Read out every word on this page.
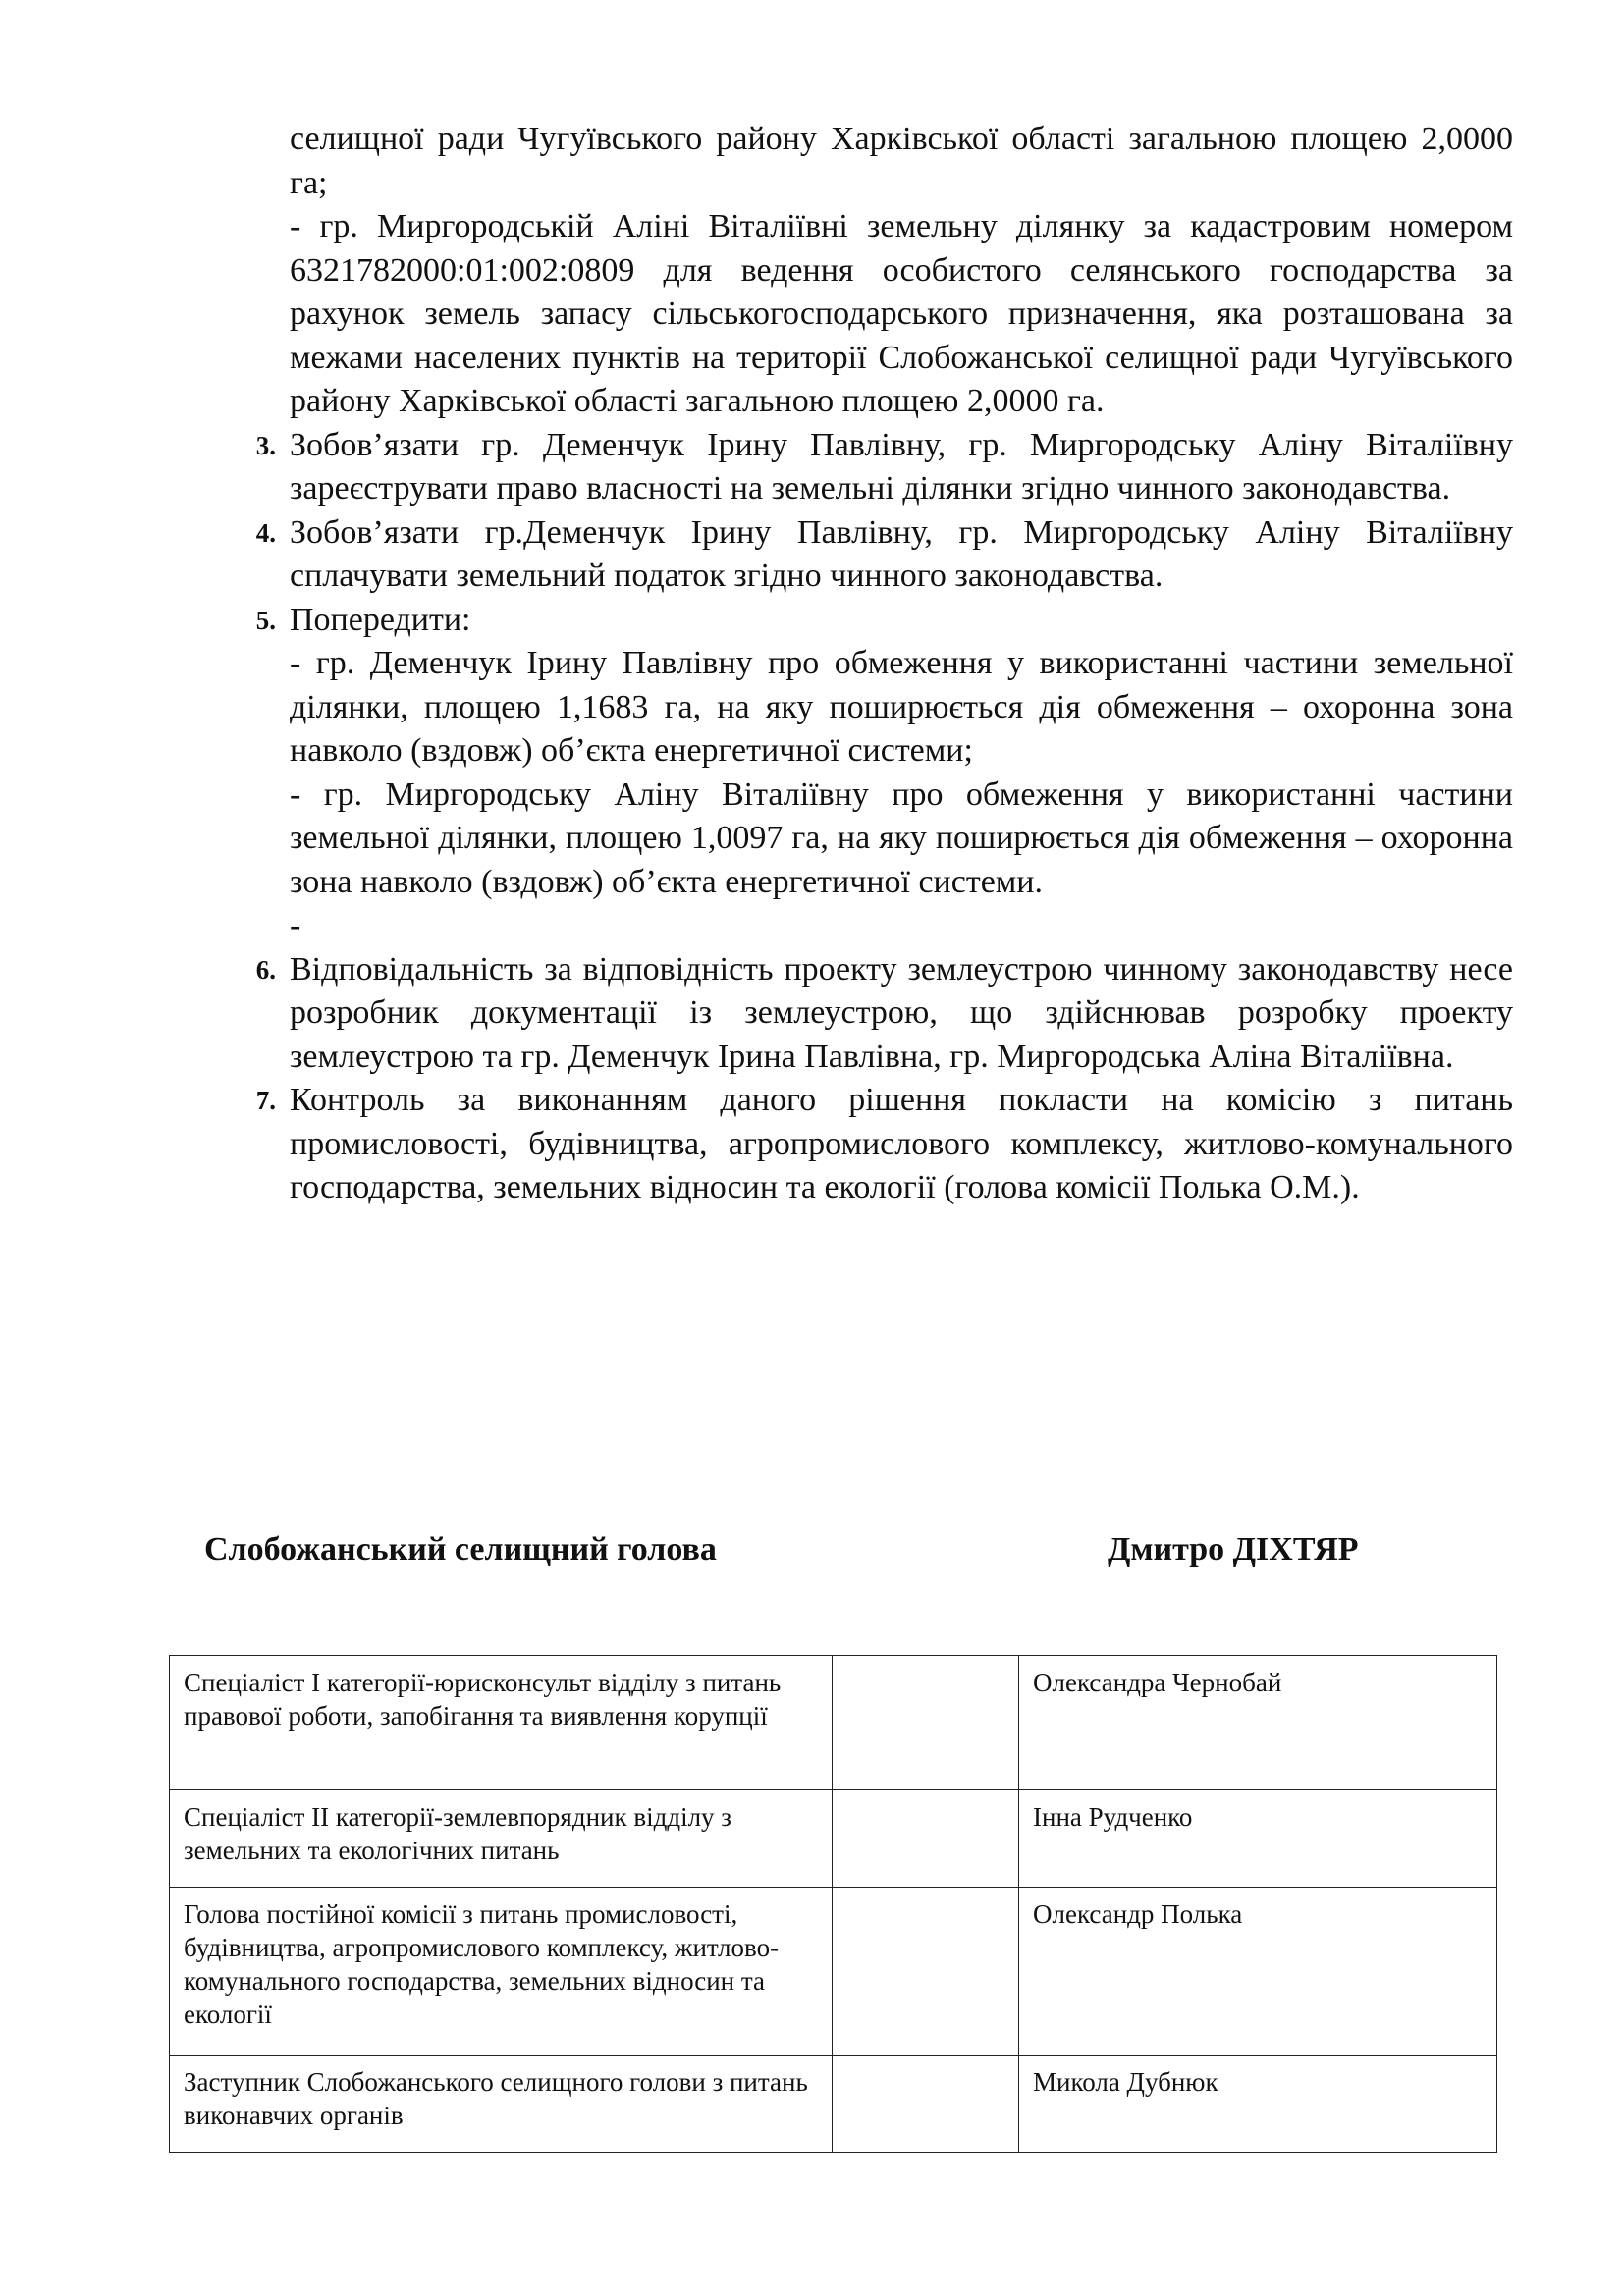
селищної ради Чугуївського району Харківської області загальною площею 2,0000 га;

- гр. Миргородській Аліні Віталіївні земельну ділянку за кадастровим номером 6321782000:01:002:0809 для ведення особистого селянського господарства за рахунок земель запасу сільськогосподарського призначення, яка розташована за межами населених пунктів на території Слобожанської селищної ради Чугуївського району Харківської області загальною площею 2,0000 га.

3. Зобов’язати гр. Деменчук Ірину Павлівну, гр. Миргородську Аліну Віталіївну зареєструвати право власності на земельні ділянки згідно чинного законодавства.

4. Зобов’язати гр.Деменчук Ірину Павлівну, гр. Миргородську Аліну Віталіївну сплачувати земельний податок згідно чинного законодавства.

5. Попередити:

- гр. Деменчук Ірину Павлівну про обмеження у використанні частини земельної ділянки, площею 1,1683 га, на яку поширюється дія обмеження – охоронна зона навколо (вздовж) об’єкта енергетичної системи;

- гр. Миргородську Аліну Віталіївну про обмеження у використанні частини земельної ділянки, площею 1,0097 га, на яку поширюється дія обмеження – охоронна зона навколо (вздовж) об’єкта енергетичної системи.

-

6. Відповідальність за відповідність проекту землеустрою чинному законодавству несе розробник документації із землеустрою, що здійснював розробку проекту землеустрою та гр. Деменчук Ірина Павлівна, гр. Миргородська Аліна Віталіївна.

7. Контроль за виконанням даного рішення покласти на комісію з питань промисловості, будівництва, агропромислового комплексу, житлово-комунального господарства, земельних відносин та екології (голова комісії Полька О.М.).

Слобожанський селищний голова	Дмитро ДІХТЯР
Спеціаліст І категорії-юрисконсульт відділу з питань правової роботи, запобігання та виявлення корупції		Олександра Чернобай
Спеціаліст ІІ категорії-землевпорядник відділу з земельних та екологічних питань		Інна Рудченко
Голова постійної комісії з питань промисловості, будівництва, агропромислового комплексу, житлово-комунального господарства, земельних відносин та екології		Олександр Полька
Заступник Слобожанського селищного голови з питань виконавчих органів		Микола Дубнюк
